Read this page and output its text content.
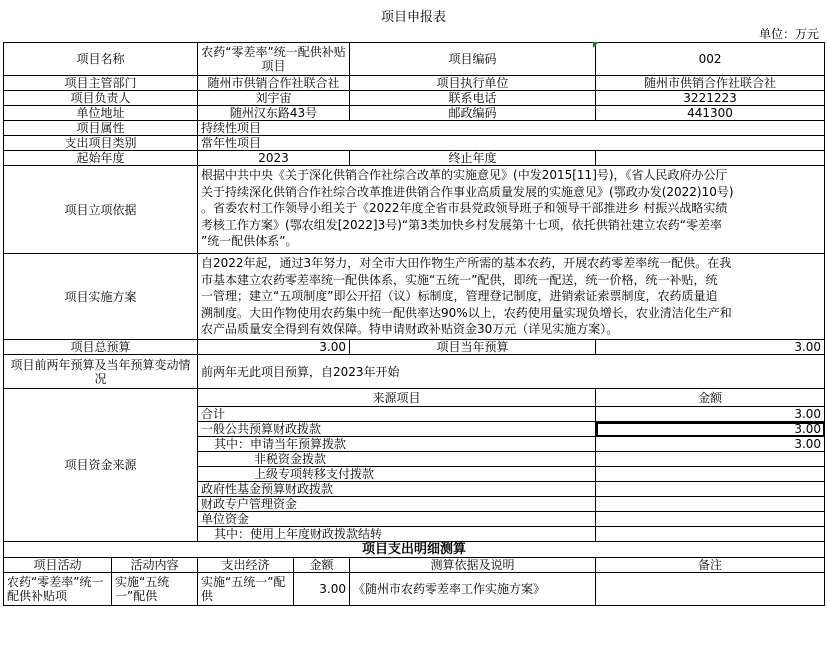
项目申报表
单位：万元
项目名称		农药“零差率”统一配供补贴项目		项目编码	002
项目主管部门		随州市供销合作社联合社		项目执行单位	随州市供销合作社联合社
项目负责人		刘宇宙		联系电话	3221223
单位地址		随州汉东路43号		邮政编码	441300
项目属性		持续性项目			
支出项目类别		常年性项目			
起始年度		2023		终止年度	
项目立项依据		根据中共中央《关于深化供销合作社综合改革的实施意见》(中发2015[11]号)，《省人民政府办公厅
关于持续深化供销合作社综合改革推进供销合作事业高质量发展的实施意见》(鄂政办发(2022)10号)
。省委农村工作领导小组关于《2022年度全省市县党政领导班子和领导干部推进乡 村振兴战略实绩
考核工作方案》(鄂农组发[2022]3号)“第3类加快乡村发展第十七项，依托供销社建立农药“零差率
”统一配供体系”。			

项目实施方案		自2022年起，通过3年努力，对全市大田作物生产所需的基本农药，开展农药零差率统一配供。在我
市基本建立农药零差率统一配供体系，实施“五统一”配供，即统一配送，统一价格，统一补贴，统
一管理；建立“五项制度”即公开招（议）标制度，管理登记制度，进销索证索票制度，农药质量追
溯制度。大田作物使用农药集中统一配供率达90%以上，农药使用量实现负增长，农业清洁化生产和
农产品质量安全得到有效保障。特申请财政补贴资金30万元（详见实施方案）。			

项目总预算		3.00		项目当年预算	3.00
项目前两年预算及当年预算变动情况		前两年无此项目预算，自2023年开始			
项目资金来源		来源项目			金额
		合计			3.00
		一般公共预算财政拨款			3.00
		其中：申请当年预算拨款			3.00
		非税资金拨款			
		上级专项转移支付拨款			
		政府性基金预算财政拨款			
		财政专户管理资金			
		单位资金			
		其中：使用上年度财政拨款结转			
项目支出明细测算					
项目活动	活动内容	支出经济	金额	测算依据及说明	备注
农药“零差率”统一配供补贴项	实施“五统一”配供	实施“五统一”配供	3.00	《随州市农药零差率工作实施方案》	
